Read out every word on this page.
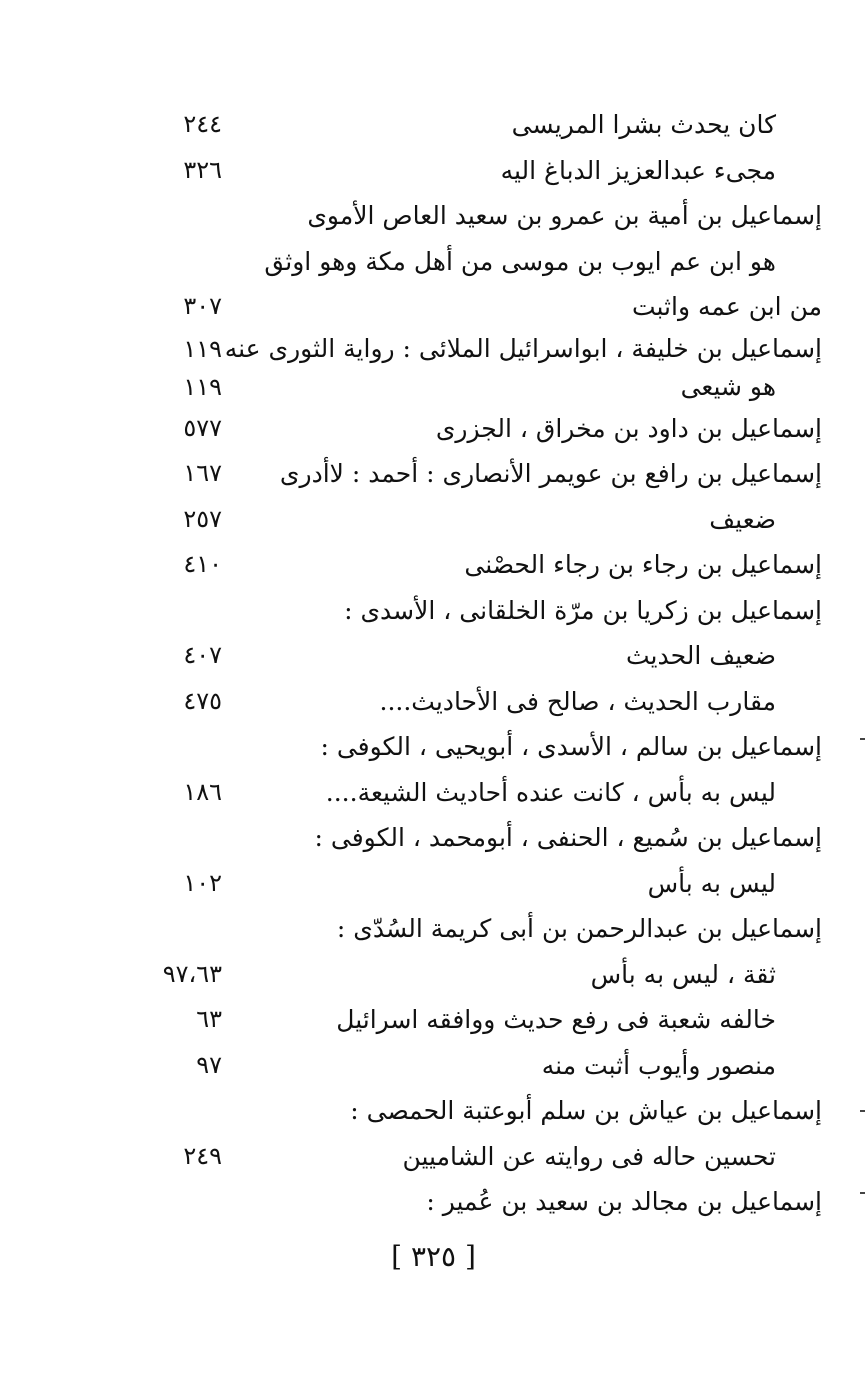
كان يحدث بشرا المريسى
٢٤٤
مجىء عبدالعزيز الدباغ اليه
٣٢٦
إسماعيل بن أمية بن عمرو بن سعيد العاص الأموى
هو ابن عم ايوب بن موسى من أهل مكة وهو اوثق
من ابن عمه واثبت
٣٠٧
إسماعيل بن خليفة ، ابواسرائيل الملائى : رواية الثورى عنه
١١٩
هو شيعى
١١٩
إسماعيل بن داود بن مخراق ، الجزرى
٥٧٧
إسماعيل بن رافع بن عويمر الأنصارى : أحمد : لاأدرى
١٦٧
ضعيف
٢٥٧
إسماعيل بن رجاء بن رجاء الحصْنى
٤١٠
إسماعيل بن زكريا بن مرّة الخلقانى ، الأسدى :
ضعيف الحديث
٤٠٧
مقارب الحديث ، صالح فى الأحاديث....
٤٧٥
إسماعيل بن سالم ، الأسدى ، أبويحيى ، الكوفى :
ليس به بأس ، كانت عنده أحاديث الشيعة....
١٨٦
إسماعيل بن سُميع ، الحنفى ، أبومحمد ، الكوفى :
ليس به بأس
١٠٢
إسماعيل بن عبدالرحمن بن أبى كريمة السُدّى :
ثقة ، ليس به بأس
٩٧،٦٣
خالفه شعبة فى رفع حديث ووافقه اسرائيل
٦٣
منصور وأيوب أثبت منه
٩٧
إسماعيل بن عياش بن سلم أبوعتبة الحمصى :
تحسين حاله فى روايته عن الشاميين
٢٤٩
إسماعيل بن مجالد بن سعيد بن عُمير :
[ ٣٢٥ ]
